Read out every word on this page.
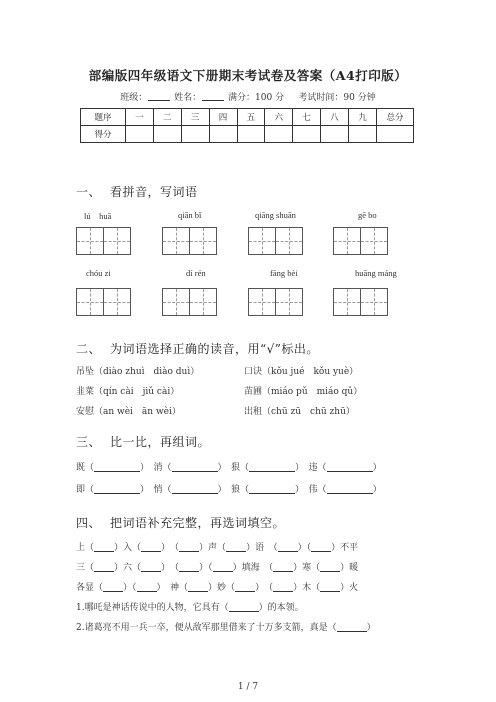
部编版四年级语文下册期末考试卷及答案（A4打印版）
班级：	姓名：	满分：100 分 考试时间：90 分钟
题序	一	二	三	四	五	六	七	八	九	总分
得分										
一、 看拼音，写词语
lú　huā	qiān bǐ	qiāng shuān	gē bo
chóu zi	dí rén	fāng bèi	huāng máng
二、 为词语选择正确的读音，用“√”标出。
吊坠（diào zhuì　diào duì）	口诀（kǒu jué　kǒu yuè）
韭菜（qín cài　jiǔ cài）	苗圃（miáo pǔ　miáo qǔ）
安慰（an wèi　ān wèi）	出租（chū zū　chū zhū）
三、 比一比，再组词。
既（	）　消（	）　狠（	）　违（	）
即（	）　悄（	）　狼（	）　伟（	）
四、 把词语补充完整，再选词填空。
上（ ）入（ ）　（ ）声（ ）语　（ ）（ ）不平
三（ ）六（ ）　（ ）（ ）填海　（ ）寒（ ）暖
各显（ ）（ ）　神（ ）妙（ ）　（ ）木（ ）火
1.哪吒是神话传说中的人物，它具有（	）的本领。
2.诸葛亮不用一兵一卒，便从敌军那里借来了十万多支箭，真是（	）
1 / 7
